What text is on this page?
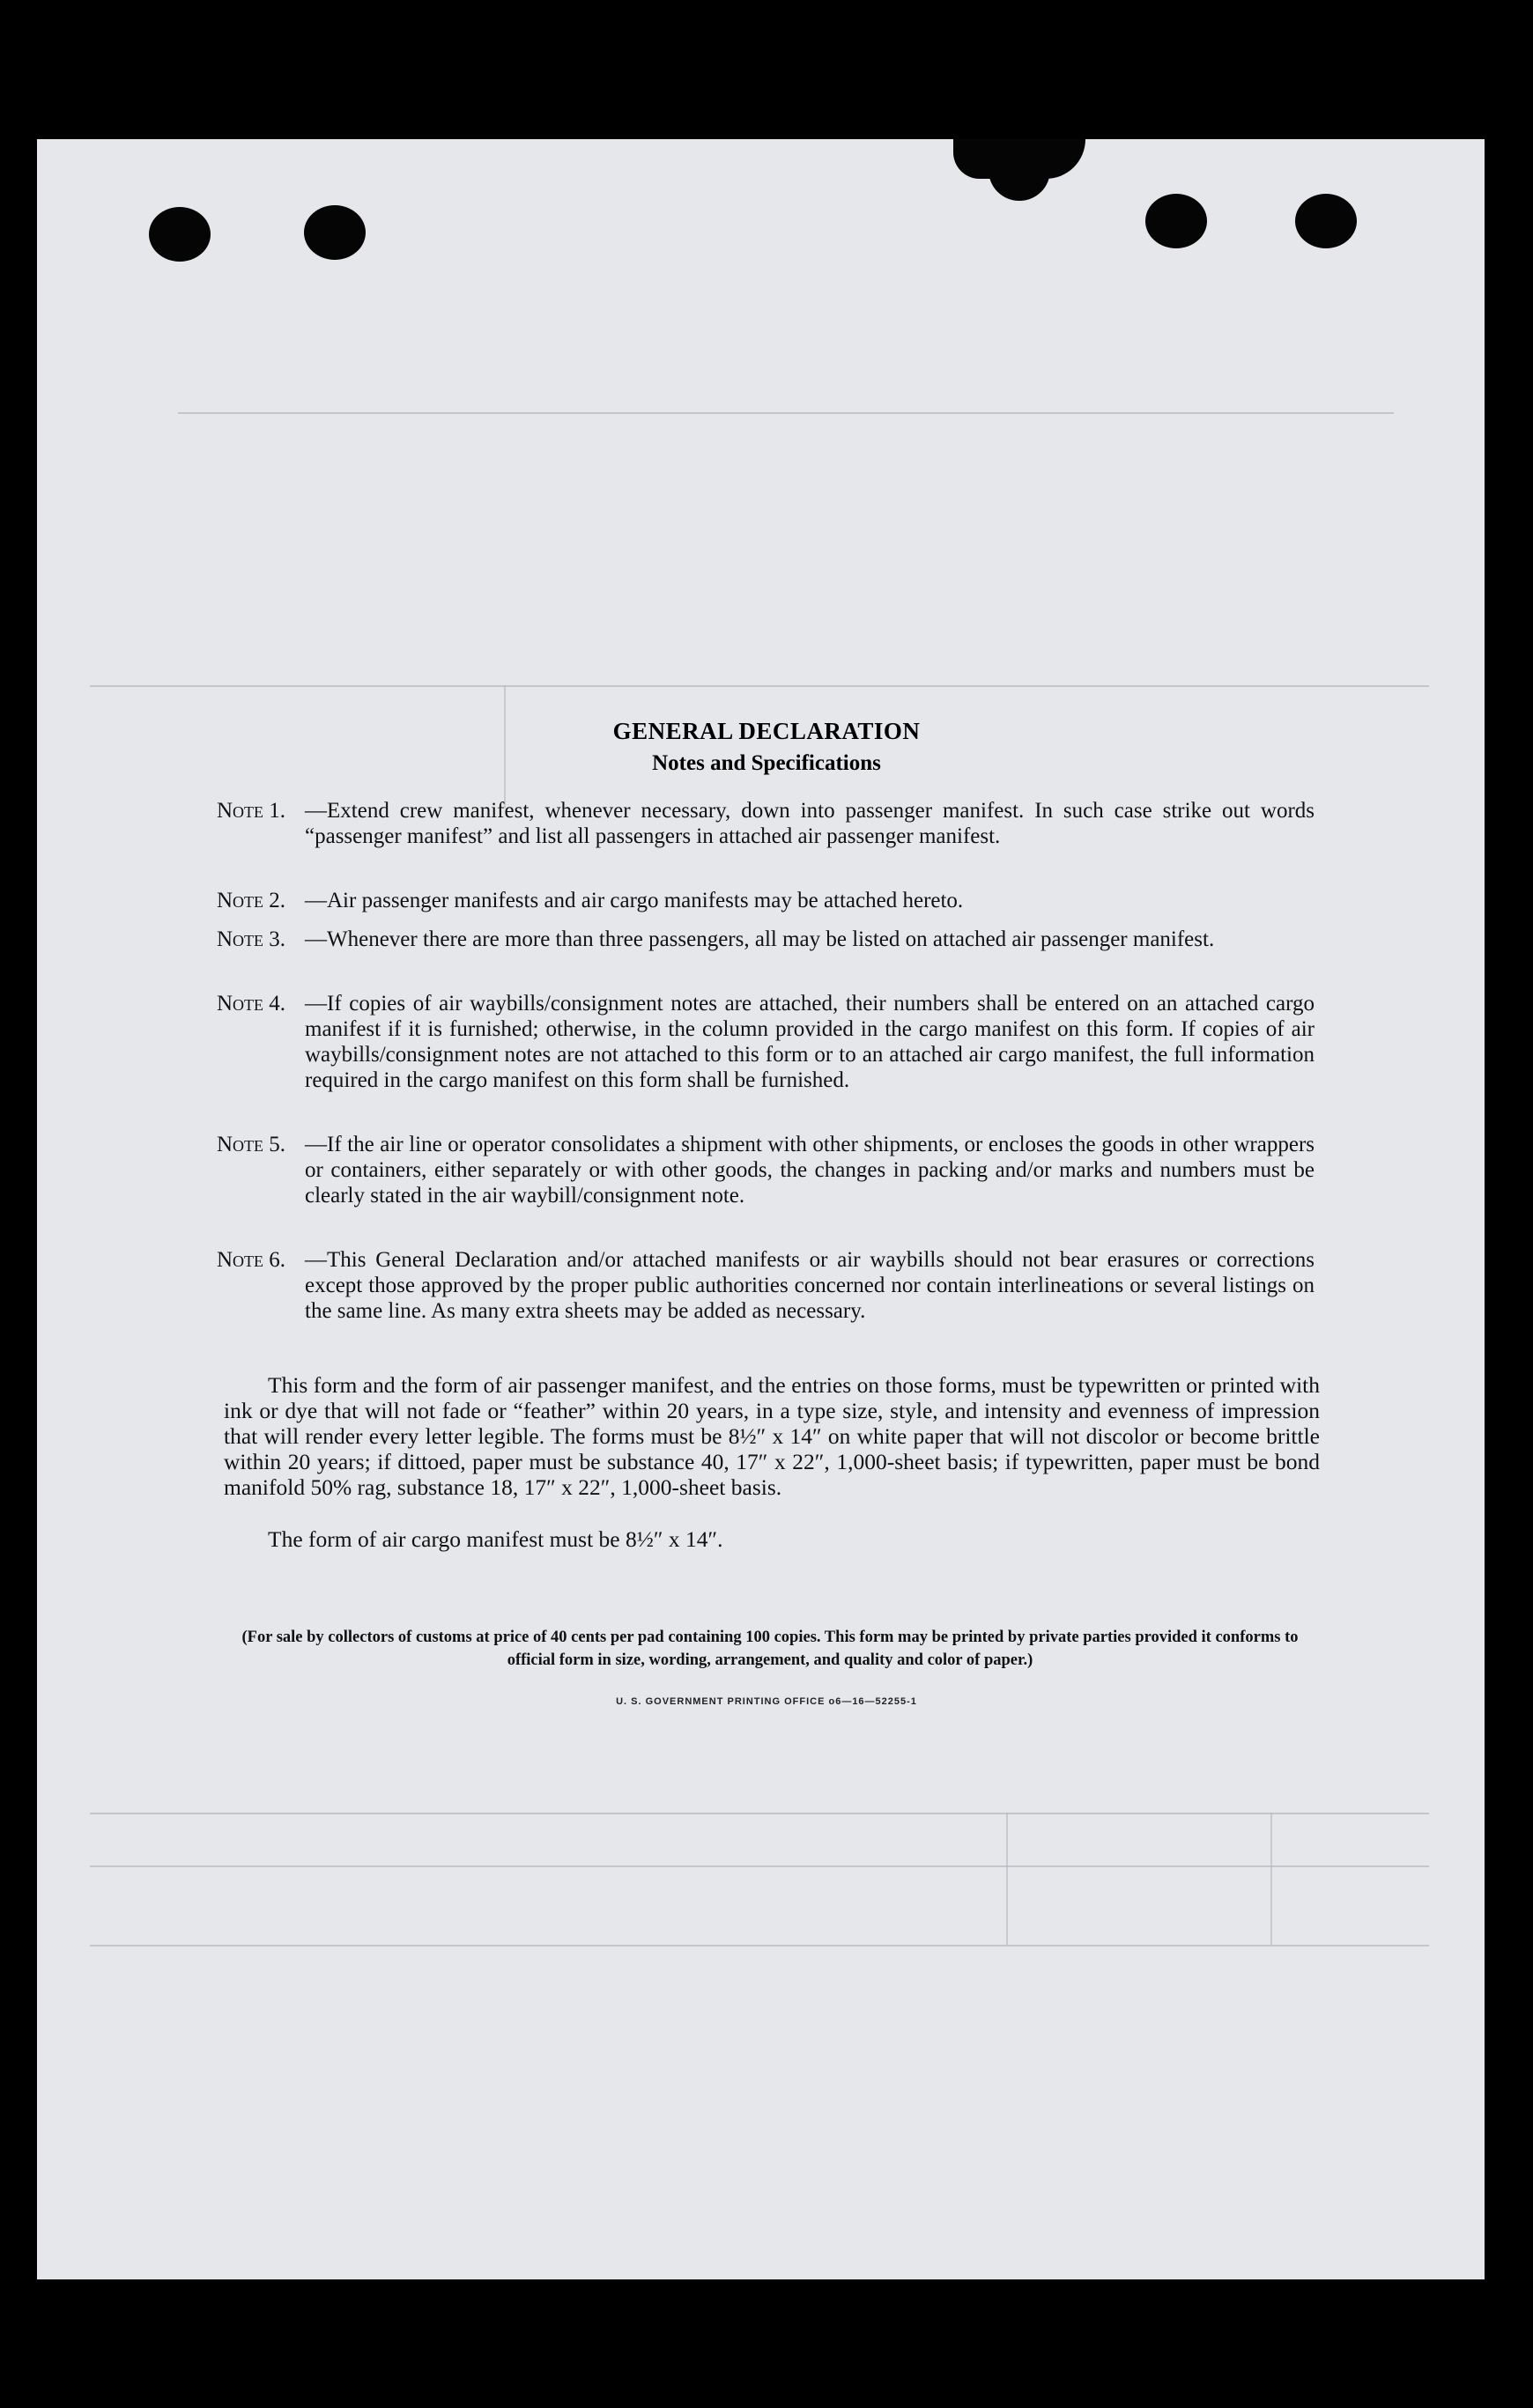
GENERAL DECLARATION
Notes and Specifications
Note 1. —Extend crew manifest, whenever necessary, down into passenger manifest. In such case strike out words “passenger manifest” and list all passengers in attached air passenger manifest.
Note 2. —Air passenger manifests and air cargo manifests may be attached hereto.
Note 3. —Whenever there are more than three passengers, all may be listed on attached air passenger manifest.
Note 4. —If copies of air waybills/consignment notes are attached, their numbers shall be entered on an attached cargo manifest if it is furnished; otherwise, in the column provided in the cargo manifest on this form. If copies of air waybills/consignment notes are not attached to this form or to an attached air cargo manifest, the full information required in the cargo manifest on this form shall be furnished.
Note 5. —If the air line or operator consolidates a shipment with other shipments, or encloses the goods in other wrappers or containers, either separately or with other goods, the changes in packing and/or marks and numbers must be clearly stated in the air waybill/consignment note.
Note 6. —This General Declaration and/or attached manifests or air waybills should not bear erasures or corrections except those approved by the proper public authorities concerned nor contain interlineations or several listings on the same line. As many extra sheets may be added as necessary.
This form and the form of air passenger manifest, and the entries on those forms, must be typewritten or printed with ink or dye that will not fade or “feather” within 20 years, in a type size, style, and intensity and evenness of impression that will render every letter legible. The forms must be 8½″ x 14″ on white paper that will not discolor or become brittle within 20 years; if dittoed, paper must be substance 40, 17″ x 22″, 1,000-sheet basis; if typewritten, paper must be bond manifold 50% rag, substance 18, 17″ x 22″, 1,000-sheet basis.
The form of air cargo manifest must be 8½″ x 14″.
(For sale by collectors of customs at price of 40 cents per pad containing 100 copies. This form may be printed by private parties provided it conforms to official form in size, wording, arrangement, and quality and color of paper.)
U. S. GOVERNMENT PRINTING OFFICE o6—16—52255-1
